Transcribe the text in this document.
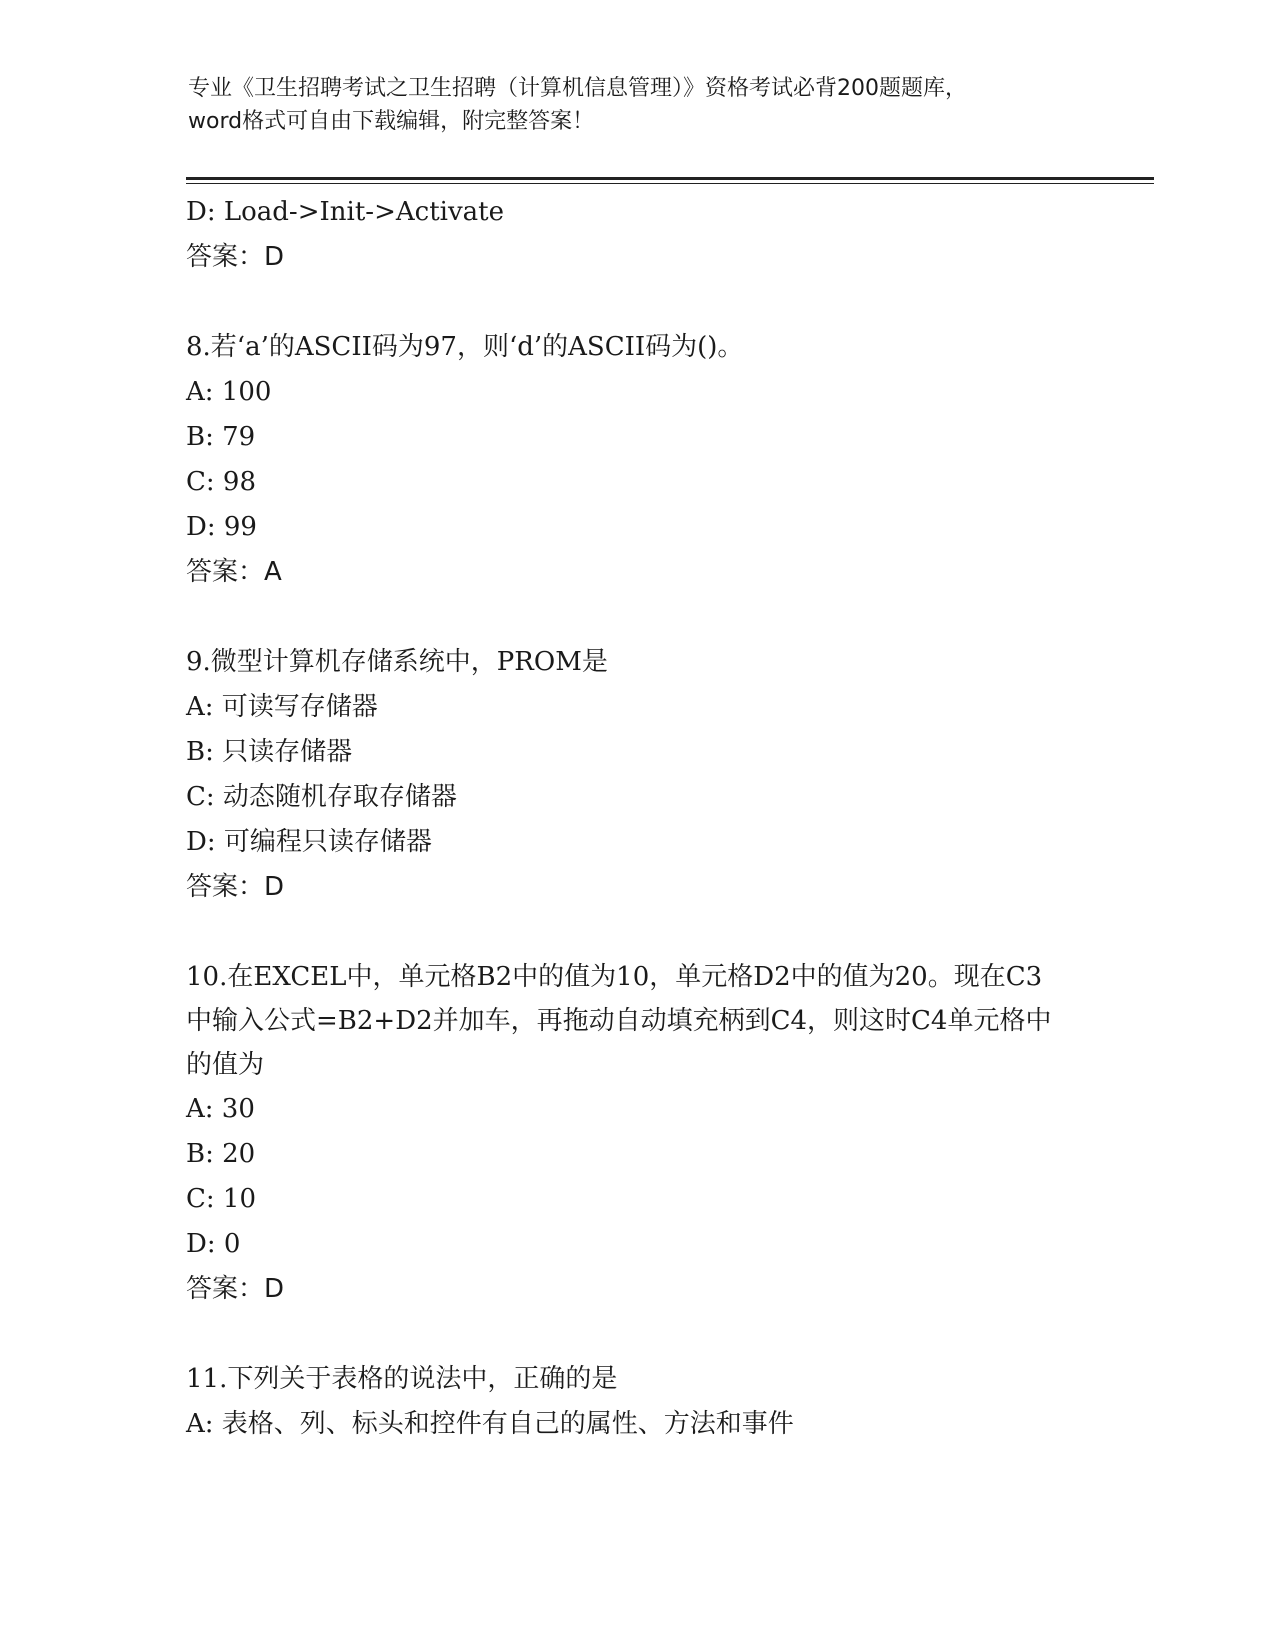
专业《卫生招聘考试之卫生招聘（计算机信息管理）》资格考试必背200题题库，
word格式可自由下载编辑，附完整答案！
D: Load->Init->Activate
答案：D
8.若‘a’的ASCII码为97，则‘d’的ASCII码为()。
A: 100
B: 79
C: 98
D: 99
答案：A
9.微型计算机存储系统中，PROM是
A: 可读写存储器
B: 只读存储器
C: 动态随机存取存储器
D: 可编程只读存储器
答案：D
10.在EXCEL中，单元格B2中的值为10，单元格D2中的值为20。现在C3中输入公式=B2+D2并加车，再拖动自动填充柄到C4，则这时C4单元格中的值为
A: 30
B: 20
C: 10
D: 0
答案：D
11.下列关于表格的说法中，正确的是
A: 表格、列、标头和控件有自己的属性、方法和事件
